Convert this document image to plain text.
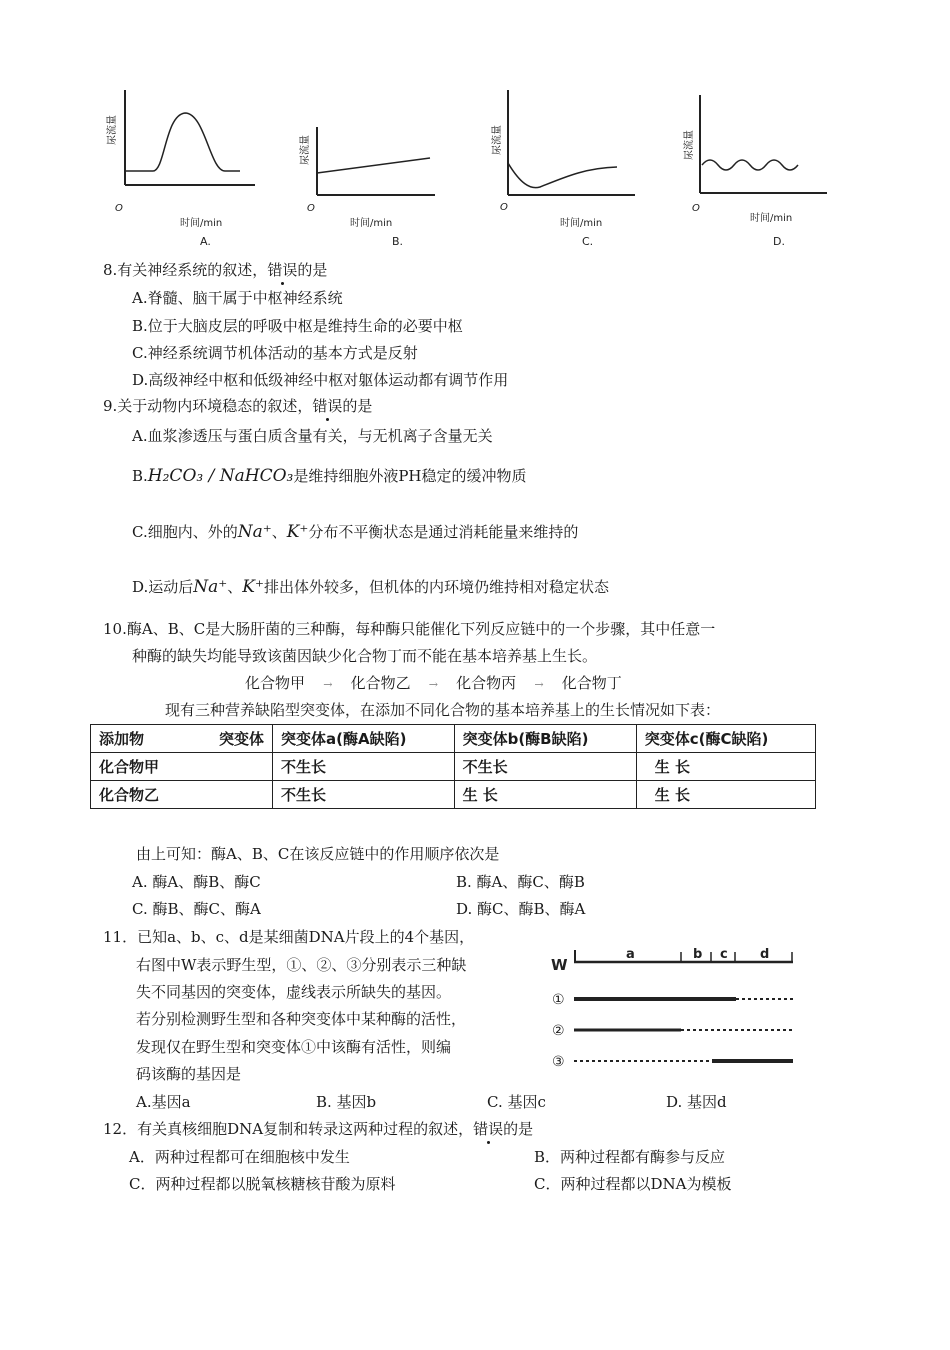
尿流量
O
时间/min
A.
尿流量
O
时间/min
B.
尿流量
O
时间/min
C.
尿流量
O
时间/min
D.
8.有关神经系统的叙述，错误的是
A.脊髓、脑干属于中枢神经系统
B.位于大脑皮层的呼吸中枢是维持生命的必要中枢
C.神经系统调节机体活动的基本方式是反射
D.高级神经中枢和低级神经中枢对躯体运动都有调节作用
9.关于动物内环境稳态的叙述，错误的是
A.血浆渗透压与蛋白质含量有关，与无机离子含量无关
B.H₂CO₃ / NaHCO₃是维持细胞外液PH稳定的缓冲物质
C.细胞内、外的Na⁺、K⁺分布不平衡状态是通过消耗能量来维持的
D.运动后Na⁺、K⁺排出体外较多，但机体的内环境仍维持相对稳定状态
10.酶A、B、C是大肠肝菌的三种酶，每种酶只能催化下列反应链中的一个步骤，其中任意一
种酶的缺失均能导致该菌因缺少化合物丁而不能在基本培养基上生长。
化合物甲 → 化合物乙 → 化合物丙 → 化合物丁
现有三种营养缺陷型突变体，在添加不同化合物的基本培养基上的生长情况如下表：
添加物 突变体	突变体a(酶A缺陷)	突变体b(酶B缺陷)	突变体c(酶C缺陷)
化合物甲	不生长	不生长	生 长
化合物乙	不生长	生 长	生 长
由上可知：酶A、B、C在该反应链中的作用顺序依次是
A. 酶A、酶B、酶C	B. 酶A、酶C、酶B
C. 酶B、酶C、酶A	D. 酶C、酶B、酶A
11．已知a、b、c、d是某细菌DNA片段上的4个基因，
右图中W表示野生型，①、②、③分别表示三种缺
失不同基因的突变体，虚线表示所缺失的基因。
若分别检测野生型和各种突变体中某种酶的活性，
发现仅在野生型和突变体①中该酶有活性，则编
码该酶的基因是
A.基因a	B. 基因b	C. 基因c	D. 基因d
W
a	b c d
①
②
③
12．有关真核细胞DNA复制和转录这两种过程的叙述，错误的是
A．两种过程都可在细胞核中发生	B．两种过程都有酶参与反应
C．两种过程都以脱氧核糖核苷酸为原料	C．两种过程都以DNA为模板
